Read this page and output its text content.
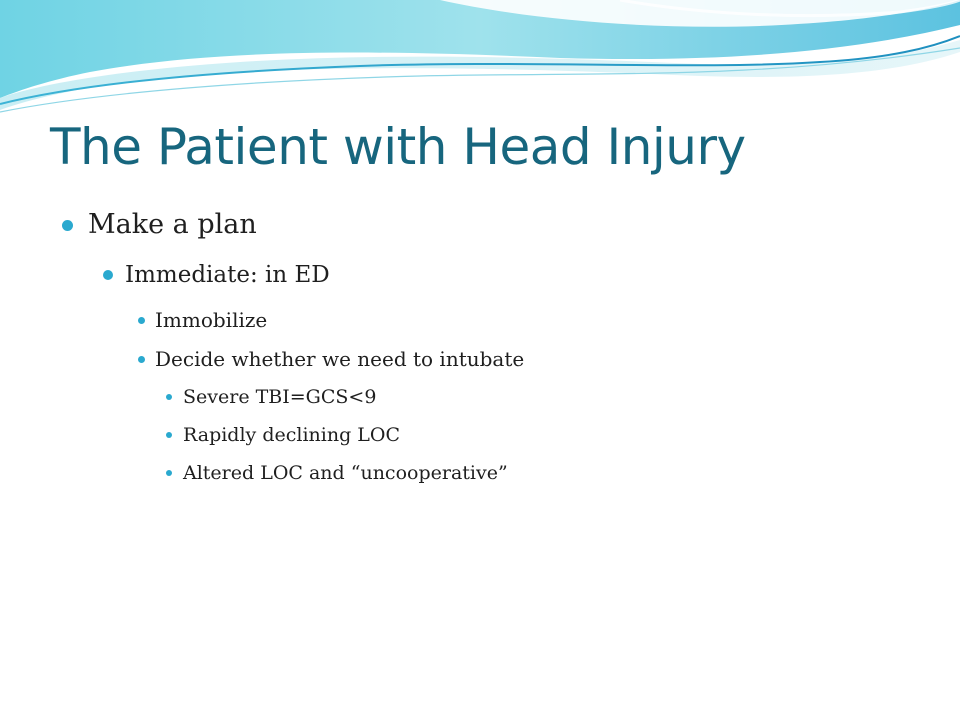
The Patient with Head Injury
Make a plan
Immediate: in ED
Immobilize
Decide whether we need to intubate
Severe TBI=GCS<9
Rapidly declining LOC
Altered LOC and “uncooperative”
